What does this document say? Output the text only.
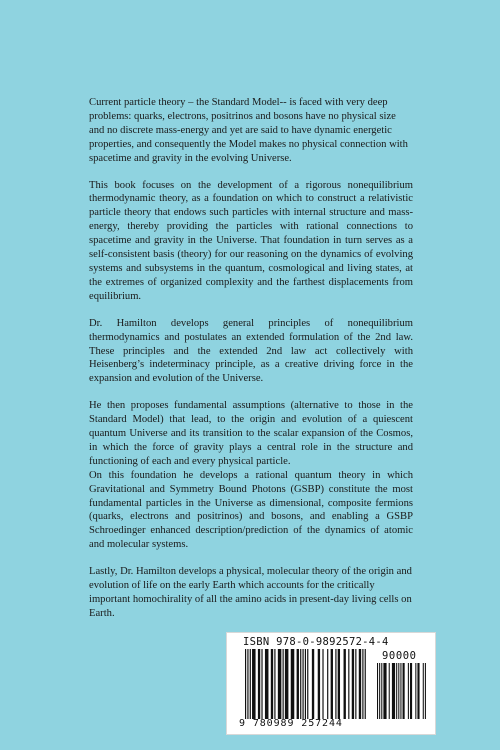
Current particle theory – the Standard Model-- is faced with very deep problems: quarks, electrons, positrinos and bosons have no physical size and no discrete mass-energy and yet are said to have dynamic energetic properties, and consequently the Model makes no physical connection with spacetime and gravity in the evolving Universe.

This book focuses on the development of a rigorous nonequilibrium thermodynamic theory, as a foundation on which to construct a relativistic particle theory that endows such particles with internal structure and mass-energy, thereby providing the particles with rational connections to spacetime and gravity in the Universe. That foundation in turn serves as a self-consistent basis (theory) for our reasoning on the dynamics of evolving systems and subsystems in the quantum, cosmological and living states, at the extremes of organized complexity and the farthest displacements from equilibrium.

Dr. Hamilton develops general principles of nonequilibrium thermodynamics and postulates an extended formulation of the 2nd law. These principles and the extended 2nd law act collectively with Heisenberg’s indeterminacy principle, as a creative driving force in the expansion and evolution of the Universe.

He then proposes fundamental assumptions (alternative to those in the Standard Model) that lead, to the origin and evolution of a quiescent quantum Universe and its transition to the scalar expansion of the Cosmos, in which the force of gravity plays a central role in the structure and functioning of each and every physical particle.

On this foundation he develops a rational quantum theory in which Gravitational and Symmetry Bound Photons (GSBP) constitute the most fundamental particles in the Universe as dimensional, composite fermions (quarks, electrons and positrinos) and bosons, and enabling a GSBP Schroedinger enhanced description/prediction of the dynamics of atomic and molecular systems.

Lastly, Dr. Hamilton develops a physical, molecular theory of the origin and evolution of life on the early Earth which accounts for the critically important homochirality of all the amino acids in present-day living cells on Earth.

ISBN 978-0-9892572-4-4
90000
9 780989 257244
